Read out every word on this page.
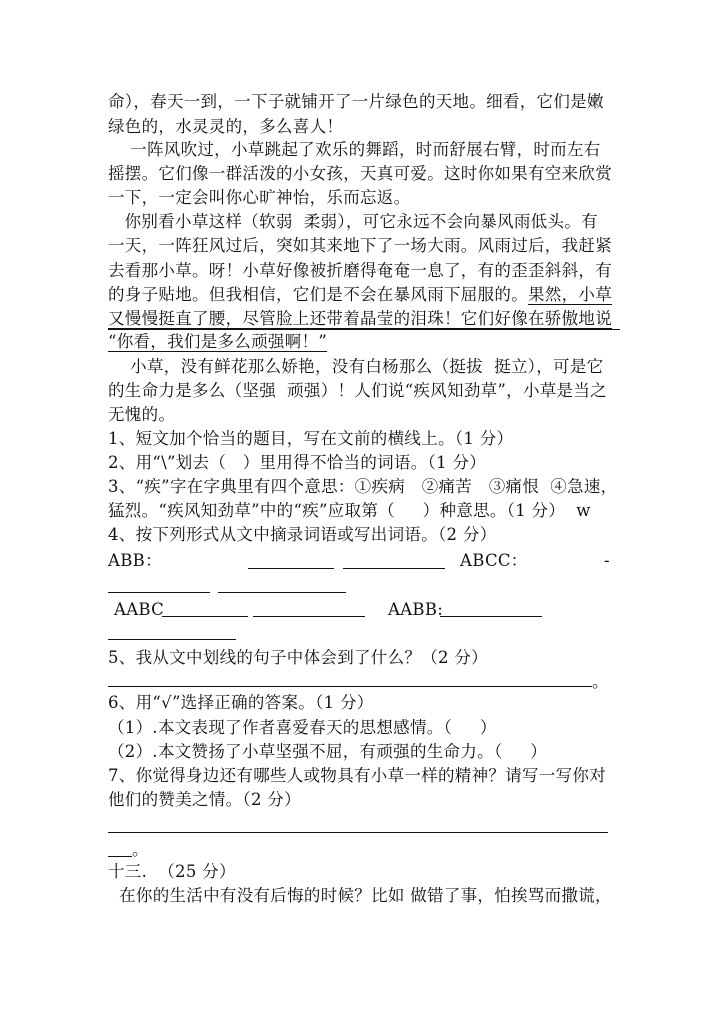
命），春天一到，一下子就铺开了一片绿色的天地。细看，它们是嫩
绿色的，水灵灵的，多么喜人！
一阵风吹过，小草跳起了欢乐的舞蹈，时而舒展右臂，时而左右
摇摆。它们像一群活泼的小女孩，天真可爱。这时你如果有空来欣赏
一下，一定会叫你心旷神怡，乐而忘返。
你别看小草这样（软弱  柔弱），可它永远不会向暴风雨低头。有
一天，一阵狂风过后，突如其来地下了一场大雨。风雨过后，我赶紧
去看那小草。呀！小草好像被折磨得奄奄一息了，有的歪歪斜斜，有
的身子贴地。但我相信，它们是不会在暴风雨下屈服的。果然，小草
又慢慢挺直了腰，尽管脸上还带着晶莹的泪珠！它们好像在骄傲地说
“你看，我们是多么顽强啊！”
小草，没有鲜花那么娇艳，没有白杨那么（挺拔  挺立），可是它
的生命力是多么（坚强  顽强）！人们说“疾风知劲草”，小草是当之
无愧的。
1、短文加个恰当的题目，写在文前的横线上。（1 分）
2、用“\”划去（   ）里用得不恰当的词语。（1 分）
3、“疾”字在字典里有四个意思：①疾病   ②痛苦   ③痛恨  ④急速，
猛烈。“疾风知劲草”中的“疾”应取第（     ）种意思。（1 分）  w
4、按下列形式从文中摘录词语或写出词语。（2 分）
ABB：	ABCC：	-
AABC	AABB:
5、我从文中划线的句子中体会到了什么？（2 分）
。
6、用“√”选择正确的答案。（1 分）
（1）.本文表现了作者喜爱春天的思想感情。（     ）
（2）.本文赞扬了小草坚强不屈，有顽强的生命力。（     ）
7、你觉得身边还有哪些人或物具有小草一样的精神？请写一写你对
他们的赞美之情。（2 分）
。
十三.  （25 分）
在你的生活中有没有后悔的时候？比如 做错了事，怕挨骂而撒谎，
